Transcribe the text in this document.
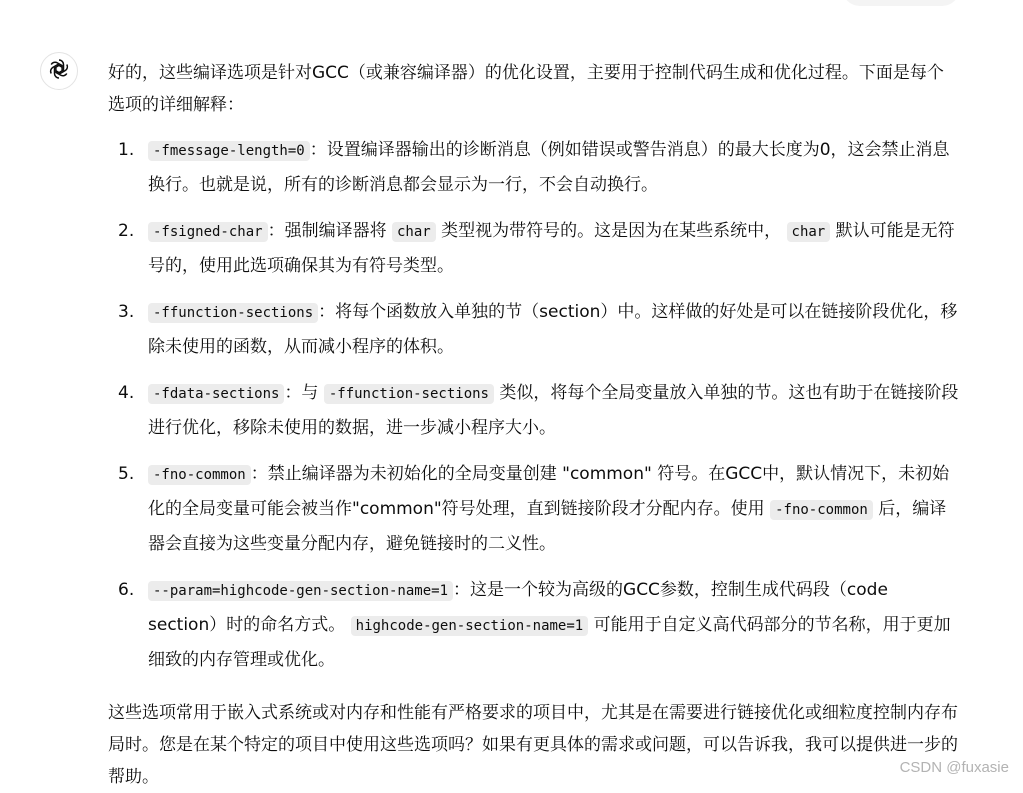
好的，这些编译选项是针对GCC（或兼容编译器）的优化设置，主要用于控制代码生成和优化过程。下面是每个选项的详细解释：

1. -fmessage-length=0 ：设置编译器输出的诊断消息（例如错误或警告消息）的最大长度为0，这会禁止消息换行。也就是说，所有的诊断消息都会显示为一行，不会自动换行。
2. -fsigned-char ：强制编译器将 char 类型视为带符号的。这是因为在某些系统中， char 默认可能是无符号的，使用此选项确保其为有符号类型。
3. -ffunction-sections ：将每个函数放入单独的节（section）中。这样做的好处是可以在链接阶段优化，移除未使用的函数，从而减小程序的体积。
4. -fdata-sections ：与 -ffunction-sections 类似，将每个全局变量放入单独的节。这也有助于在链接阶段进行优化，移除未使用的数据，进一步减小程序大小。
5. -fno-common ：禁止编译器为未初始化的全局变量创建 "common" 符号。在GCC中，默认情况下，未初始化的全局变量可能会被当作"common"符号处理，直到链接阶段才分配内存。使用 -fno-common 后，编译器会直接为这些变量分配内存，避免链接时的二义性。
6. --param=highcode-gen-section-name=1 ：这是一个较为高级的GCC参数，控制生成代码段（code section）时的命名方式。 highcode-gen-section-name=1 可能用于自定义高代码部分的节名称，用于更加细致的内存管理或优化。

这些选项常用于嵌入式系统或对内存和性能有严格要求的项目中，尤其是在需要进行链接优化或细粒度控制内存布局时。您是在某个特定的项目中使用这些选项吗？如果有更具体的需求或问题，可以告诉我，我可以提供进一步的帮助。	CSDN @fuxasie
